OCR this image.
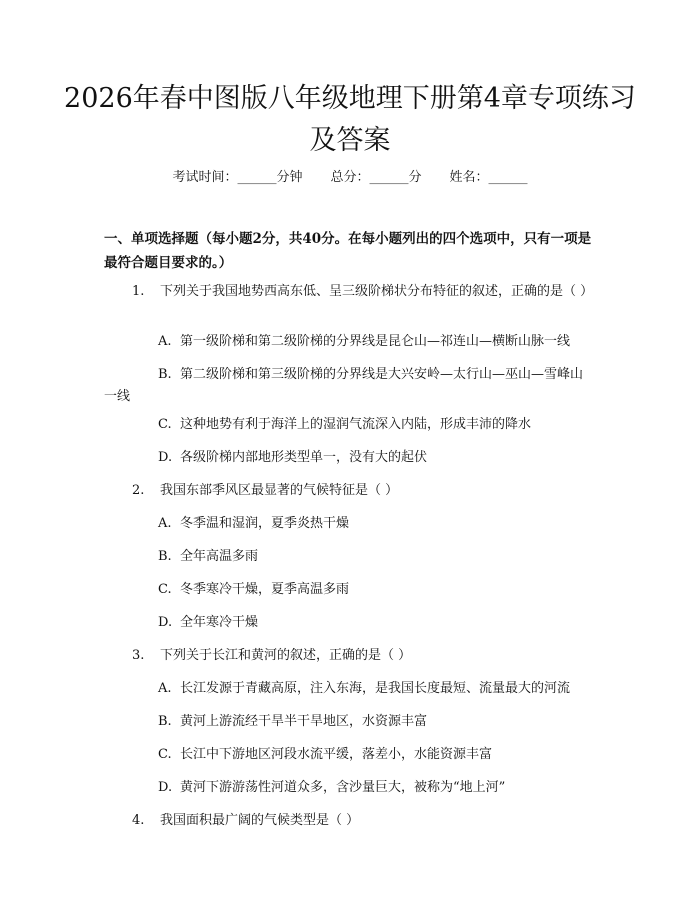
2026年春中图版八年级地理下册第4章专项练习及答案
考试时间：______分钟 总分：______分 姓名：______
一、单项选择题（每小题2分，共40分。在每小题列出的四个选项中，只有一项是最符合题目要求的。）

1. 下列关于我国地势西高东低、呈三级阶梯状分布特征的叙述，正确的是（ ）

A. 第一级阶梯和第二级阶梯的分界线是昆仑山—祁连山—横断山脉一线

B. 第二级阶梯和第三级阶梯的分界线是大兴安岭—太行山—巫山—雪峰山一线

C. 这种地势有利于海洋上的湿润气流深入内陆，形成丰沛的降水

D. 各级阶梯内部地形类型单一，没有大的起伏

2. 我国东部季风区最显著的气候特征是（ ）

A. 冬季温和湿润，夏季炎热干燥

B. 全年高温多雨

C. 冬季寒冷干燥，夏季高温多雨

D. 全年寒冷干燥

3. 下列关于长江和黄河的叙述，正确的是（ ）

A. 长江发源于青藏高原，注入东海，是我国长度最短、流量最大的河流

B. 黄河上游流经干旱半干旱地区，水资源丰富

C. 长江中下游地区河段水流平缓，落差小，水能资源丰富

D. 黄河下游游荡性河道众多，含沙量巨大，被称为“地上河”

4. 我国面积最广阔的气候类型是（ ）
